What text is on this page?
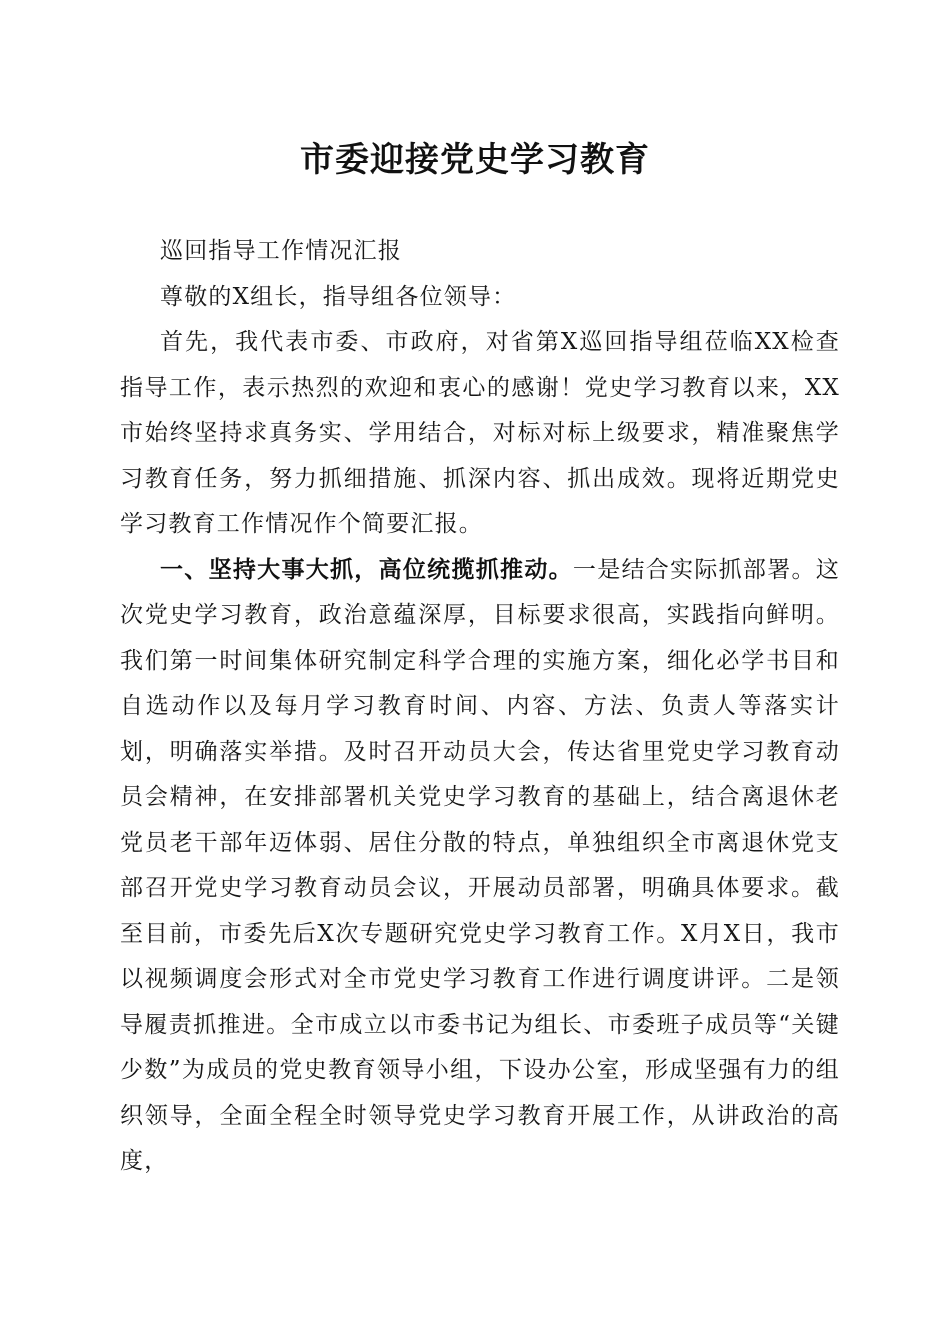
市委迎接党史学习教育

巡回指导工作情况汇报

尊敬的X组长，指导组各位领导：

首先，我代表市委、市政府，对省第X巡回指导组莅临XX检查指导工作，表示热烈的欢迎和衷心的感谢！党史学习教育以来，XX市始终坚持求真务实、学用结合，对标对标上级要求，精准聚焦学习教育任务，努力抓细措施、抓深内容、抓出成效。现将近期党史学习教育工作情况作个简要汇报。

一、坚持大事大抓，高位统揽抓推动。一是结合实际抓部署。这次党史学习教育，政治意蕴深厚，目标要求很高，实践指向鲜明。我们第一时间集体研究制定科学合理的实施方案，细化必学书目和自选动作以及每月学习教育时间、内容、方法、负责人等落实计划，明确落实举措。及时召开动员大会，传达省里党史学习教育动员会精神，在安排部署机关党史学习教育的基础上，结合离退休老党员老干部年迈体弱、居住分散的特点，单独组织全市离退休党支部召开党史学习教育动员会议，开展动员部署，明确具体要求。截至目前，市委先后X次专题研究党史学习教育工作。X月X日，我市以视频调度会形式对全市党史学习教育工作进行调度讲评。二是领导履责抓推进。全市成立以市委书记为组长、市委班子成员等“关键少数”为成员的党史教育领导小组，下设办公室，形成坚强有力的组织领导，全面全程全时领导党史学习教育开展工作，从讲政治的高度，
